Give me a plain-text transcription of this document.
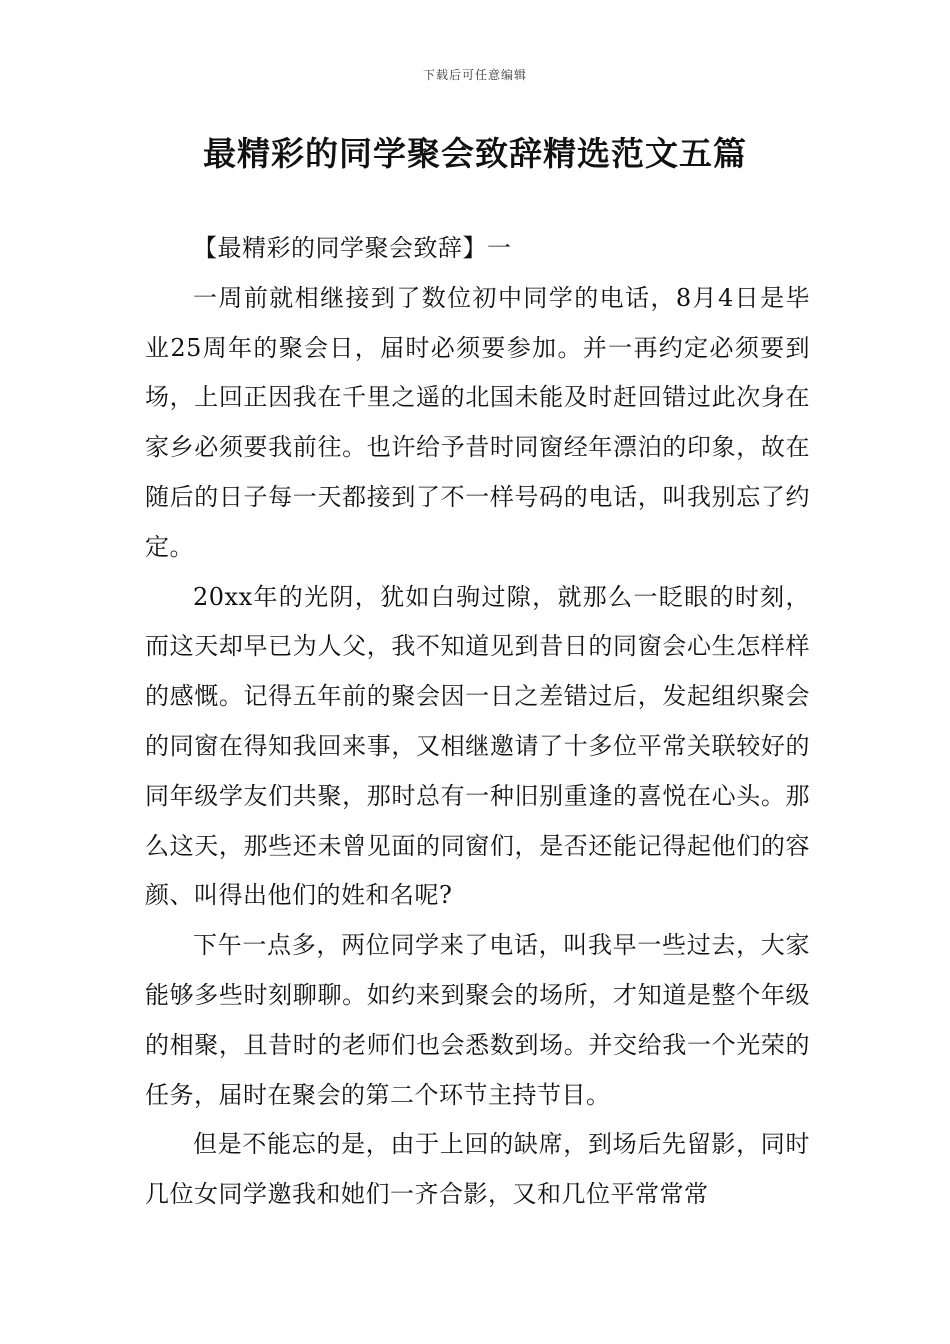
下载后可任意编辑
最精彩的同学聚会致辞精选范文五篇

【最精彩的同学聚会致辞】一

一周前就相继接到了数位初中同学的电话，8月4日是毕业25周年的聚会日，届时必须要参加。并一再约定必须要到场，上回正因我在千里之遥的北国未能及时赶回错过此次身在家乡必须要我前往。也许给予昔时同窗经年漂泊的印象，故在随后的日子每一天都接到了不一样号码的电话，叫我别忘了约定。

20xx年的光阴，犹如白驹过隙，就那么一眨眼的时刻，而这天却早已为人父，我不知道见到昔日的同窗会心生怎样样的感慨。记得五年前的聚会因一日之差错过后，发起组织聚会的同窗在得知我回来事，又相继邀请了十多位平常关联较好的同年级学友们共聚，那时总有一种旧别重逢的喜悦在心头。那么这天，那些还未曾见面的同窗们，是否还能记得起他们的容颜、叫得出他们的姓和名呢?

下午一点多，两位同学来了电话，叫我早一些过去，大家能够多些时刻聊聊。如约来到聚会的场所，才知道是整个年级的相聚，且昔时的老师们也会悉数到场。并交给我一个光荣的任务，届时在聚会的第二个环节主持节目。

但是不能忘的是，由于上回的缺席，到场后先留影，同时几位女同学邀我和她们一齐合影，又和几位平常常常
